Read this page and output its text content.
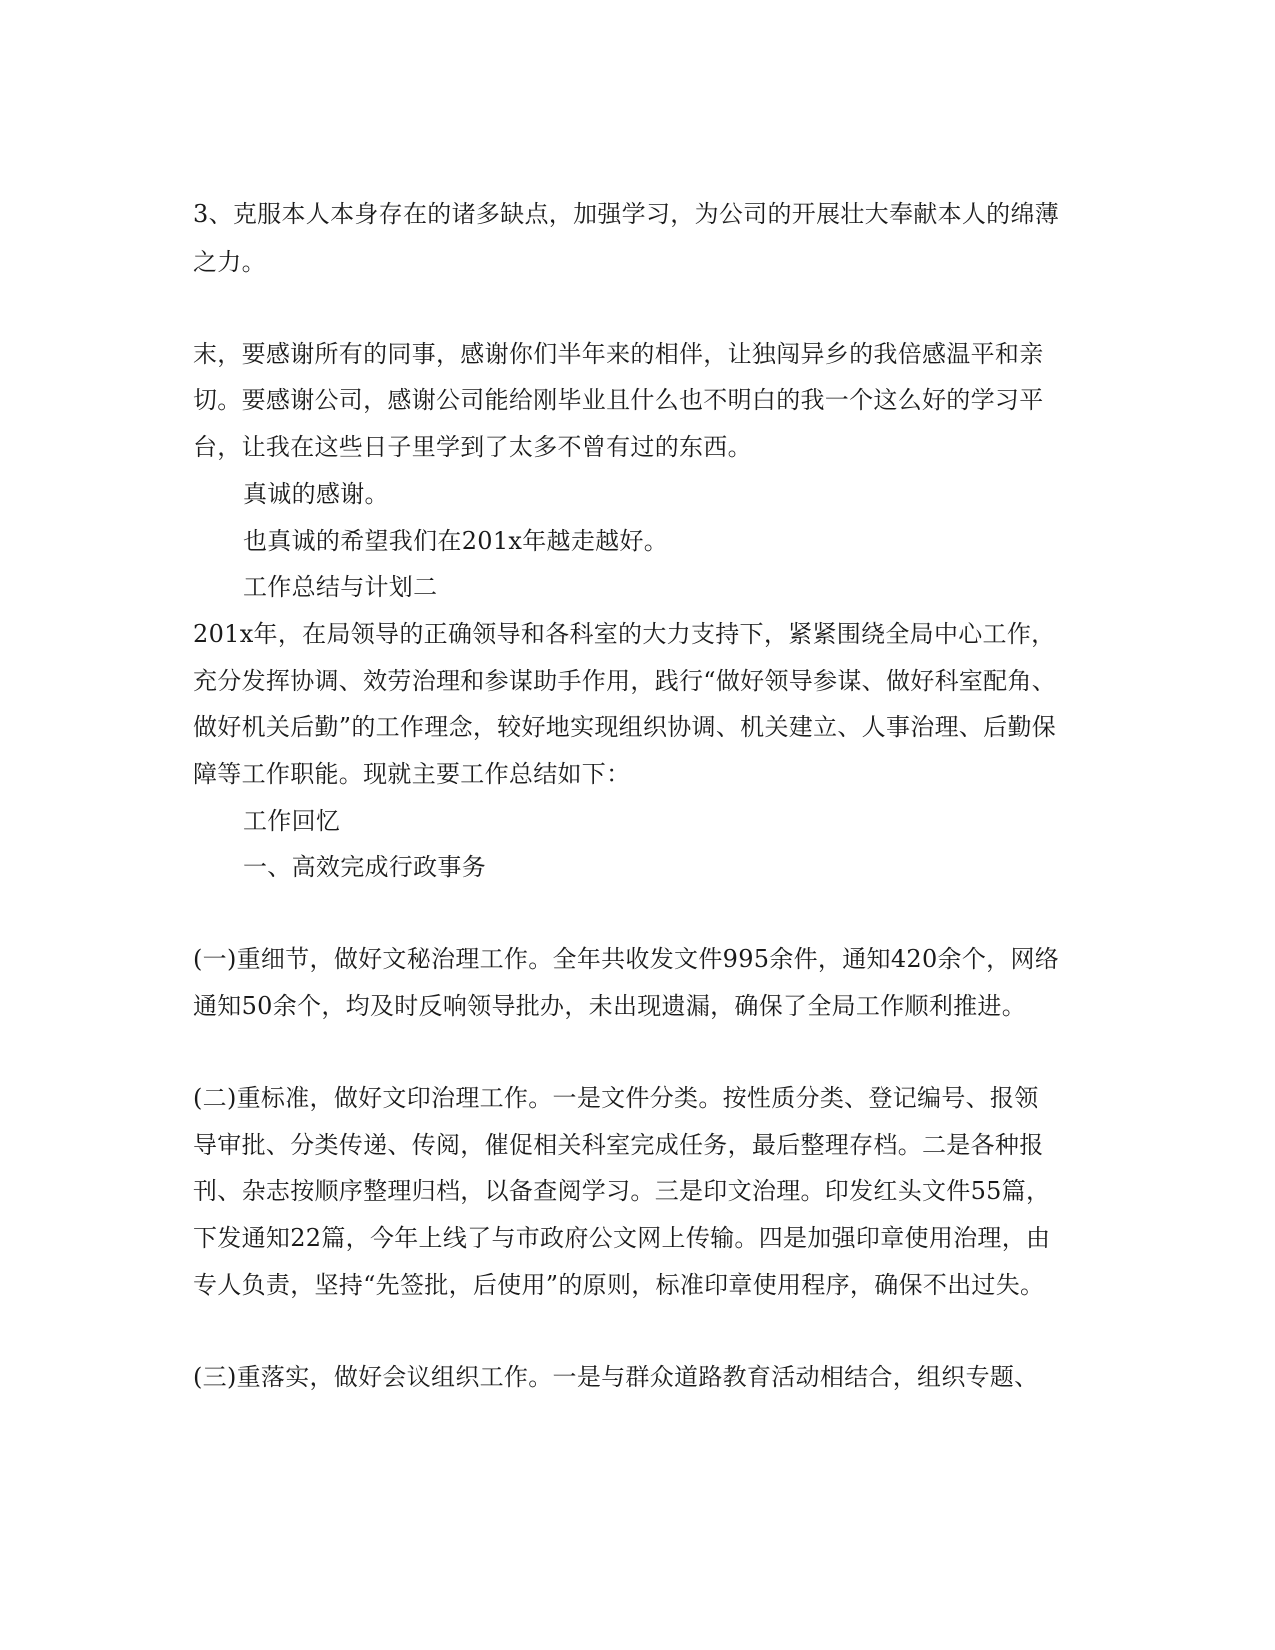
3、克服本人本身存在的诸多缺点，加强学习，为公司的开展壮大奉献本人的绵薄
之力。
末，要感谢所有的同事，感谢你们半年来的相伴，让独闯异乡的我倍感温平和亲
切。要感谢公司，感谢公司能给刚毕业且什么也不明白的我一个这么好的学习平
台，让我在这些日子里学到了太多不曾有过的东西。
真诚的感谢。
也真诚的希望我们在201x年越走越好。
工作总结与计划二
201x年，在局领导的正确领导和各科室的大力支持下，紧紧围绕全局中心工作，
充分发挥协调、效劳治理和参谋助手作用，践行“做好领导参谋、做好科室配角、
做好机关后勤”的工作理念，较好地实现组织协调、机关建立、人事治理、后勤保
障等工作职能。现就主要工作总结如下：
工作回忆
一、高效完成行政事务
(一)重细节，做好文秘治理工作。全年共收发文件995余件，通知420余个，网络
通知50余个，均及时反响领导批办，未出现遗漏，确保了全局工作顺利推进。
(二)重标准，做好文印治理工作。一是文件分类。按性质分类、登记编号、报领
导审批、分类传递、传阅，催促相关科室完成任务，最后整理存档。二是各种报
刊、杂志按顺序整理归档，以备查阅学习。三是印文治理。印发红头文件55篇，
下发通知22篇，今年上线了与市政府公文网上传输。四是加强印章使用治理，由
专人负责，坚持“先签批，后使用”的原则，标准印章使用程序，确保不出过失。
(三)重落实，做好会议组织工作。一是与群众道路教育活动相结合，组织专题、
